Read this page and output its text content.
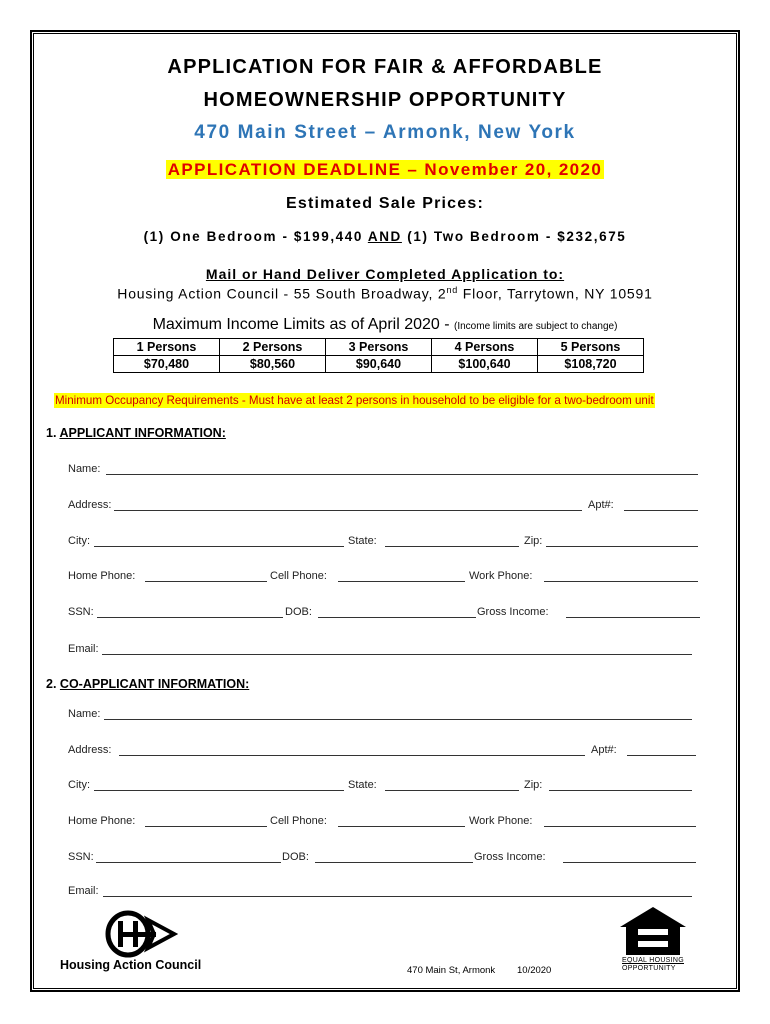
APPLICATION FOR FAIR & AFFORDABLE
HOMEOWNERSHIP OPPORTUNITY
470 Main Street – Armonk, New York
APPLICATION DEADLINE – November 20, 2020
Estimated Sale Prices:
(1) One Bedroom - $199,440 AND (1) Two Bedroom - $232,675
Mail or Hand Deliver Completed Application to:
Housing Action Council - 55 South Broadway, 2nd Floor, Tarrytown, NY 10591
Maximum Income Limits as of April 2020 - (Income limits are subject to change)
1 Persons	2 Persons	3 Persons	4 Persons	5 Persons
$70,480	$80,560	$90,640	$100,640	$108,720
Minimum Occupancy Requirements - Must have at least 2 persons in household to be eligible for a two-bedroom unit
1. APPLICANT INFORMATION:
Name:
Address:	Apt#:
City:	State:	Zip:
Home Phone:	Cell Phone:	Work Phone:
SSN:	DOB:	Gross Income:
Email:
2. CO-APPLICANT INFORMATION:
Name:
Address:	Apt#:
City:	State:	Zip:
Home Phone:	Cell Phone:	Work Phone:
SSN:	DOB:	Gross Income:
Email:
Housing Action Council	470 Main St, Armonk 10/2020
EQUAL HOUSING
OPPORTUNITY
